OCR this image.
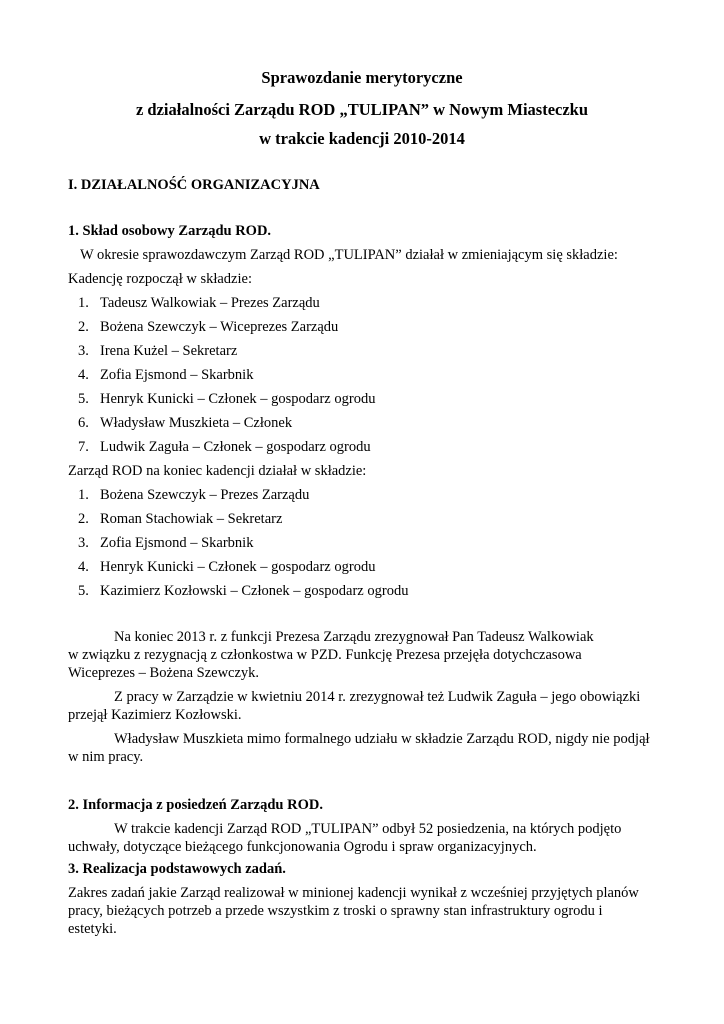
Sprawozdanie merytoryczne
z działalności Zarządu ROD „TULIPAN” w Nowym Miasteczku
w trakcie kadencji 2010-2014
I. DZIAŁALNOŚĆ ORGANIZACYJNA
1. Skład osobowy Zarządu ROD.
W okresie sprawozdawczym Zarząd ROD „TULIPAN” działał w zmieniającym się składzie:
Kadencję rozpoczął w składzie:
1. Tadeusz Walkowiak – Prezes Zarządu
2. Bożena Szewczyk – Wiceprezes Zarządu
3. Irena Kużel – Sekretarz
4. Zofia Ejsmond – Skarbnik
5. Henryk Kunicki – Członek – gospodarz ogrodu
6. Władysław Muszkieta – Członek
7. Ludwik Zaguła – Członek – gospodarz ogrodu
Zarząd ROD na koniec kadencji działał w składzie:
1. Bożena Szewczyk – Prezes Zarządu
2. Roman Stachowiak – Sekretarz
3. Zofia Ejsmond – Skarbnik
4. Henryk Kunicki – Członek – gospodarz ogrodu
5. Kazimierz Kozłowski – Członek – gospodarz ogrodu
Na koniec 2013 r. z funkcji Prezesa Zarządu zrezygnował Pan Tadeusz Walkowiak
w związku z rezygnacją z członkostwa w PZD. Funkcję Prezesa przejęła dotychczasowa
Wiceprezes – Bożena Szewczyk.
Z pracy w Zarządzie w kwietniu 2014 r. zrezygnował też Ludwik Zaguła – jego obowiązki
przejął Kazimierz Kozłowski.
Władysław Muszkieta mimo formalnego udziału w składzie Zarządu ROD, nigdy nie podjął
w nim pracy.
2. Informacja z posiedzeń Zarządu ROD.
W trakcie kadencji Zarząd ROD „TULIPAN” odbył 52 posiedzenia, na których podjęto
uchwały, dotyczące bieżącego funkcjonowania Ogrodu i spraw organizacyjnych.
3. Realizacja podstawowych zadań.
Zakres zadań jakie Zarząd realizował w minionej kadencji wynikał z wcześniej przyjętych planów
pracy, bieżących potrzeb a przede wszystkim z troski o sprawny stan infrastruktury ogrodu i
estetyki.
